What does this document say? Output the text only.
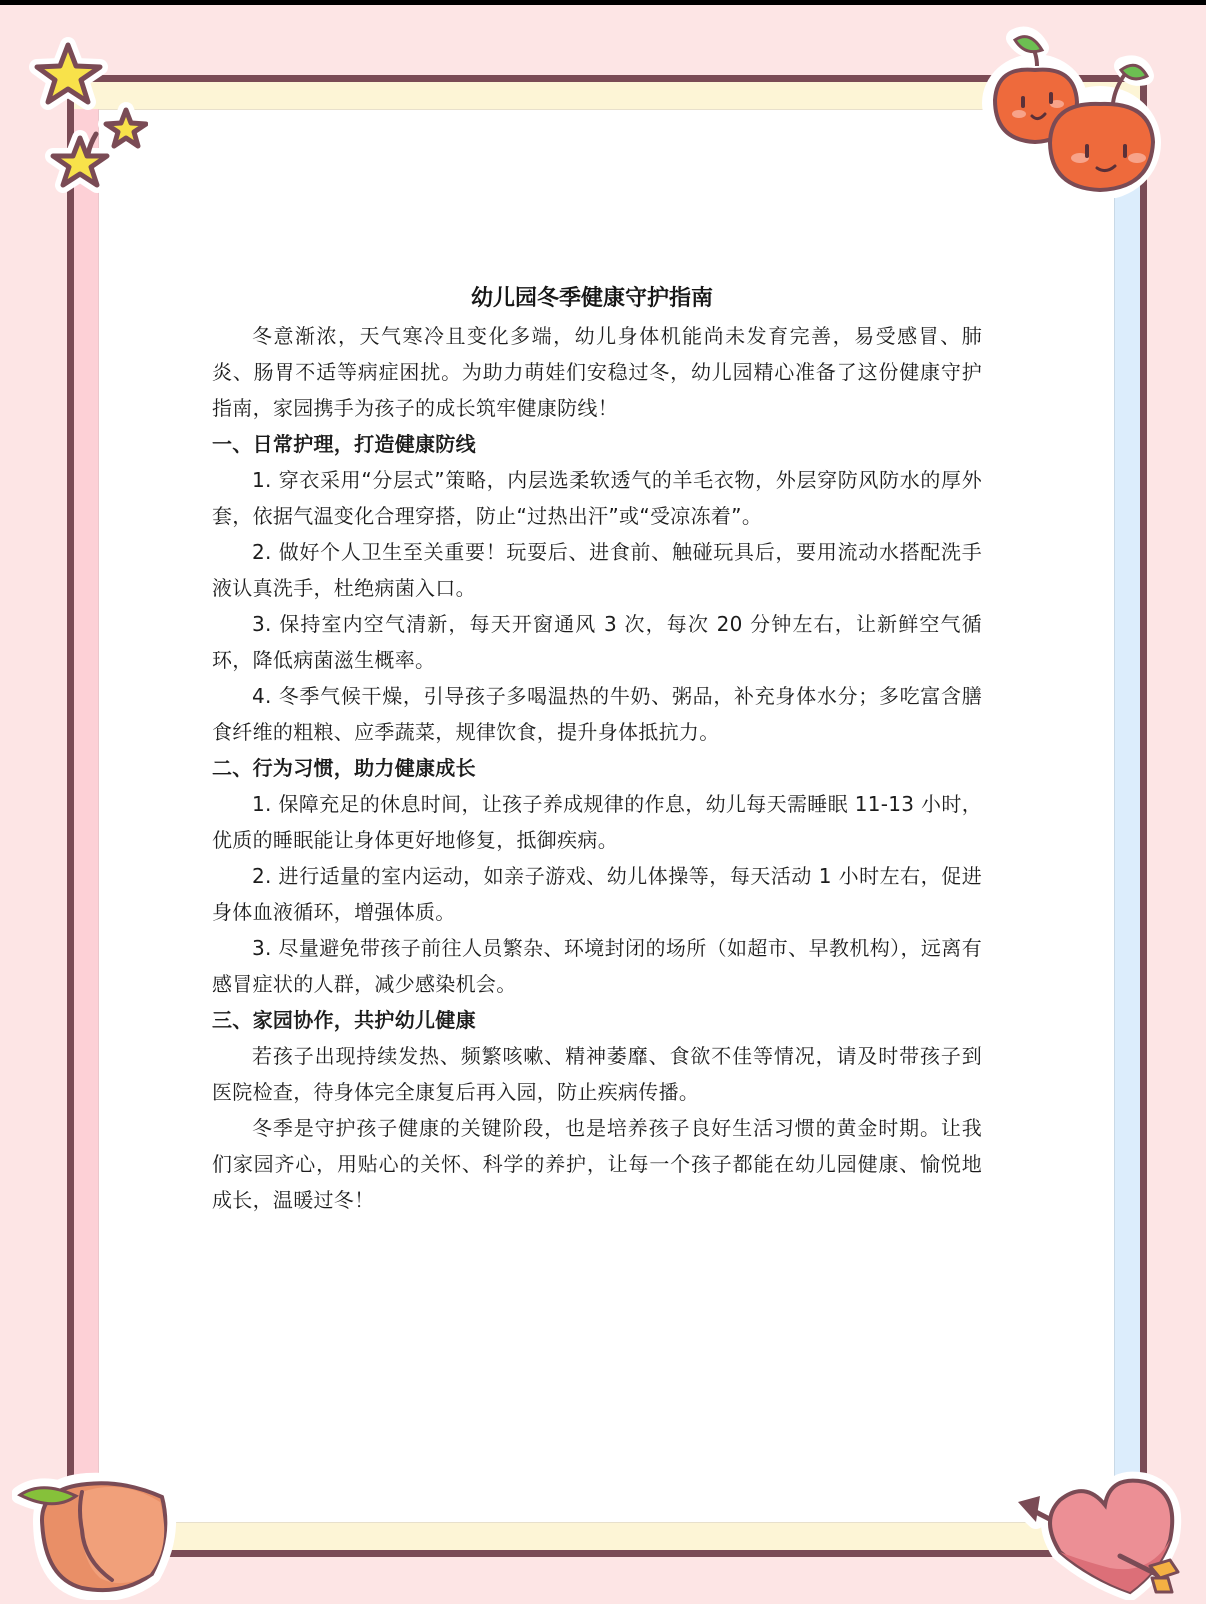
幼儿园冬季健康守护指南

冬意渐浓，天气寒冷且变化多端，幼儿身体机能尚未发育完善，易受感冒、肺炎、肠胃不适等病症困扰。为助力萌娃们安稳过冬，幼儿园精心准备了这份健康守护指南，家园携手为孩子的成长筑牢健康防线！

一、日常护理，打造健康防线

1. 穿衣采用“分层式”策略，内层选柔软透气的羊毛衣物，外层穿防风防水的厚外套，依据气温变化合理穿搭，防止“过热出汗”或“受凉冻着”。

2. 做好个人卫生至关重要！玩耍后、进食前、触碰玩具后，要用流动水搭配洗手液认真洗手，杜绝病菌入口。

3. 保持室内空气清新，每天开窗通风 3 次，每次 20 分钟左右，让新鲜空气循环，降低病菌滋生概率。

4. 冬季气候干燥，引导孩子多喝温热的牛奶、粥品，补充身体水分；多吃富含膳食纤维的粗粮、应季蔬菜，规律饮食，提升身体抵抗力。

二、行为习惯，助力健康成长

1. 保障充足的休息时间，让孩子养成规律的作息，幼儿每天需睡眠 11-13 小时，优质的睡眠能让身体更好地修复，抵御疾病。

2. 进行适量的室内运动，如亲子游戏、幼儿体操等，每天活动 1 小时左右，促进身体血液循环，增强体质。

3. 尽量避免带孩子前往人员繁杂、环境封闭的场所（如超市、早教机构），远离有感冒症状的人群，减少感染机会。

三、家园协作，共护幼儿健康

若孩子出现持续发热、频繁咳嗽、精神萎靡、食欲不佳等情况，请及时带孩子到医院检查，待身体完全康复后再入园，防止疾病传播。

冬季是守护孩子健康的关键阶段，也是培养孩子良好生活习惯的黄金时期。让我们家园齐心，用贴心的关怀、科学的养护，让每一个孩子都能在幼儿园健康、愉悦地成长，温暖过冬！
